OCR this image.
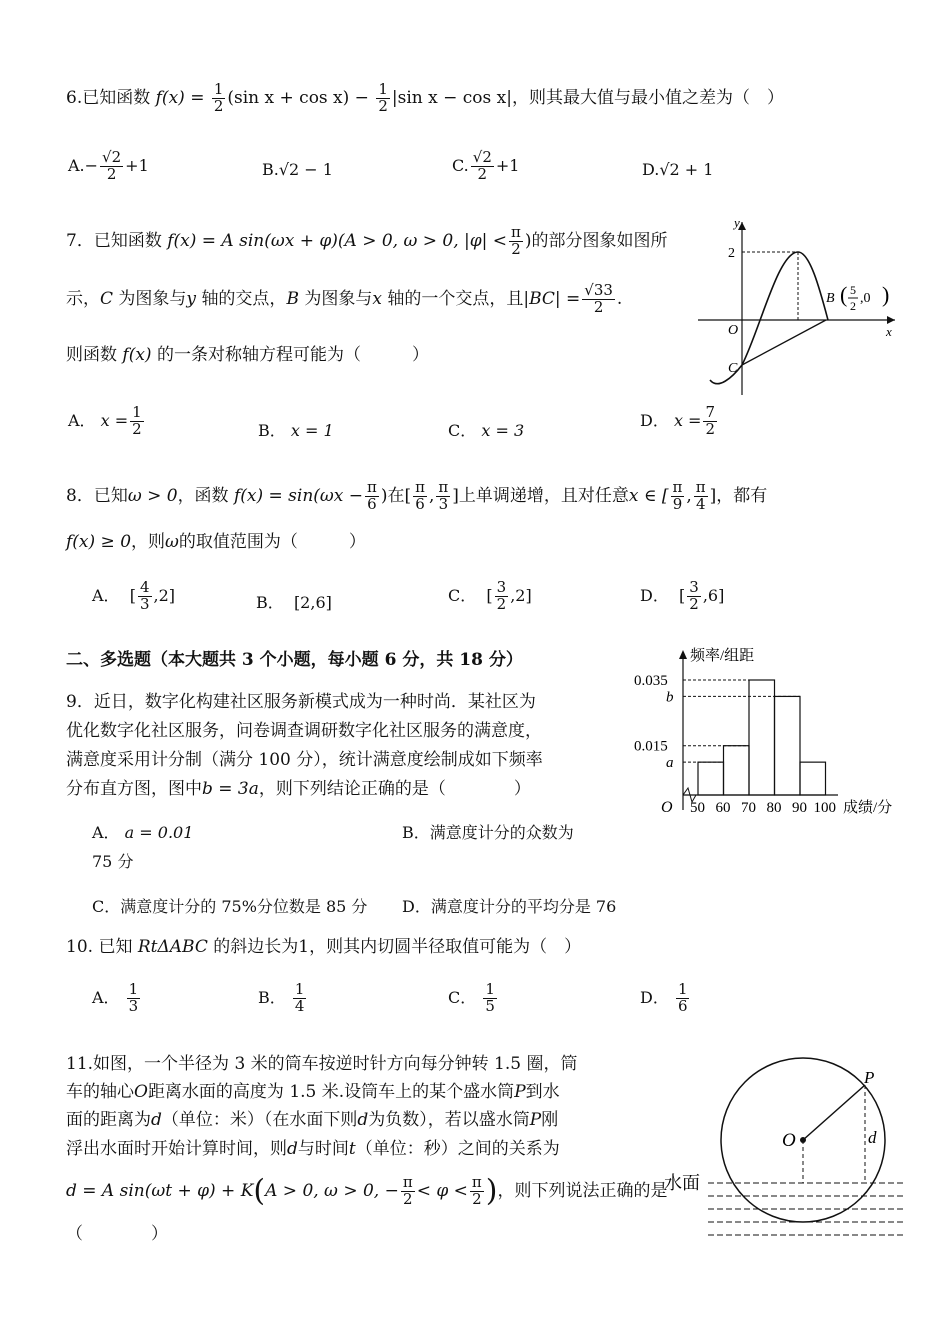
6.已知函数 $f(x) = \frac{1}{2} (\sin$ $x + \cos x) - \frac{1}{2} |\sin$ x − cos x|，则其最大值与最小值之差为（　）
$A.- \frac{√2}{2} +1$	B.√2 − 1	C. $\frac{√2}{2} +1$	D.√2 + 1
7．已知函数 f(x) = A sin(ωx + φ)(A > 0, ω > 0, $|\varphi| < \frac{\pi}{2}$ )的部分图象如图所
示，C 为图象与y 轴的交点，B 为图象与x 轴的一个交点，且$|BC| = \frac{√33}{2}$ .
则函数 f(x) 的一条对称轴方程可能为（　　　）
A． $x = \frac{1}{2}$	B． x = 1	C． x = 3
D． $x = \frac{7}{2}$
y
x
O
2
C
B ( 5
2 ,0 )
8．已知ω > 0，函数 $f(x) = \sin(\omega x - \frac{\pi}{6}$ )在[ $\frac{\pi}{6}$ , $\frac{\pi}{3}$ ]上单调递增，且对任意x ∈ [ $\frac{\pi}{9}$ , $\frac{\pi}{4}$ ]，都有
f(x) ≥ 0，则ω的取值范围为（　　　）
A． [ $\frac{4}{3} ,2$]	B． [2,6]	C． [ $\frac{3}{2} ,2$]	D． [ $\frac{3}{2} ,6$]
二、多选题（本大题共 3 个小题，每小题 6 分，共 18 分）
9．近日，数字化构建社区服务新模式成为一种时尚．某社区为
优化数字化社区服务，问卷调查调研数字化社区服务的满意度，
满意度采用计分制（满分 100 分），统计满意度绘制成如下频率
分布直方图，图中b = 3a，则下列结论正确的是（　　　　）
A． a = 0.01	B．满意度计分的众数为
75 分
C．满意度计分的 75%分位数是 85 分 D．满意度计分的平均分是 76
频率/组距
成绩/分
O
0.035
b
0.015
a
50 60 70 80 90 100
10. 已知 RtΔABC 的斜边长为1，则其内切圆半径取值可能为（　）
A． $\frac{1}{3}$	B． $\frac{1}{4}$	C． $\frac{1}{5}$	D． $\frac{1}{6}$
11.如图，一个半径为 3 米的筒车按逆时针方向每分钟转 1.5 圈，筒
车的轴心O距离水面的高度为 1.5 米.设筒车上的某个盛水筒P到水
面的距离为d（单位：米）（在水面下则d为负数），若以盛水筒P刚
浮出水面时开始计算时间，则d与时间t（单位：秒）之间的关系为
d = A sin(ωt + φ) + K(A > 0, ω > 0, − $\frac{\pi}{2} < \varphi < \frac{\pi}{2}$ )，则下列说法正确的是
（　　　　）
P
O	d
水面
